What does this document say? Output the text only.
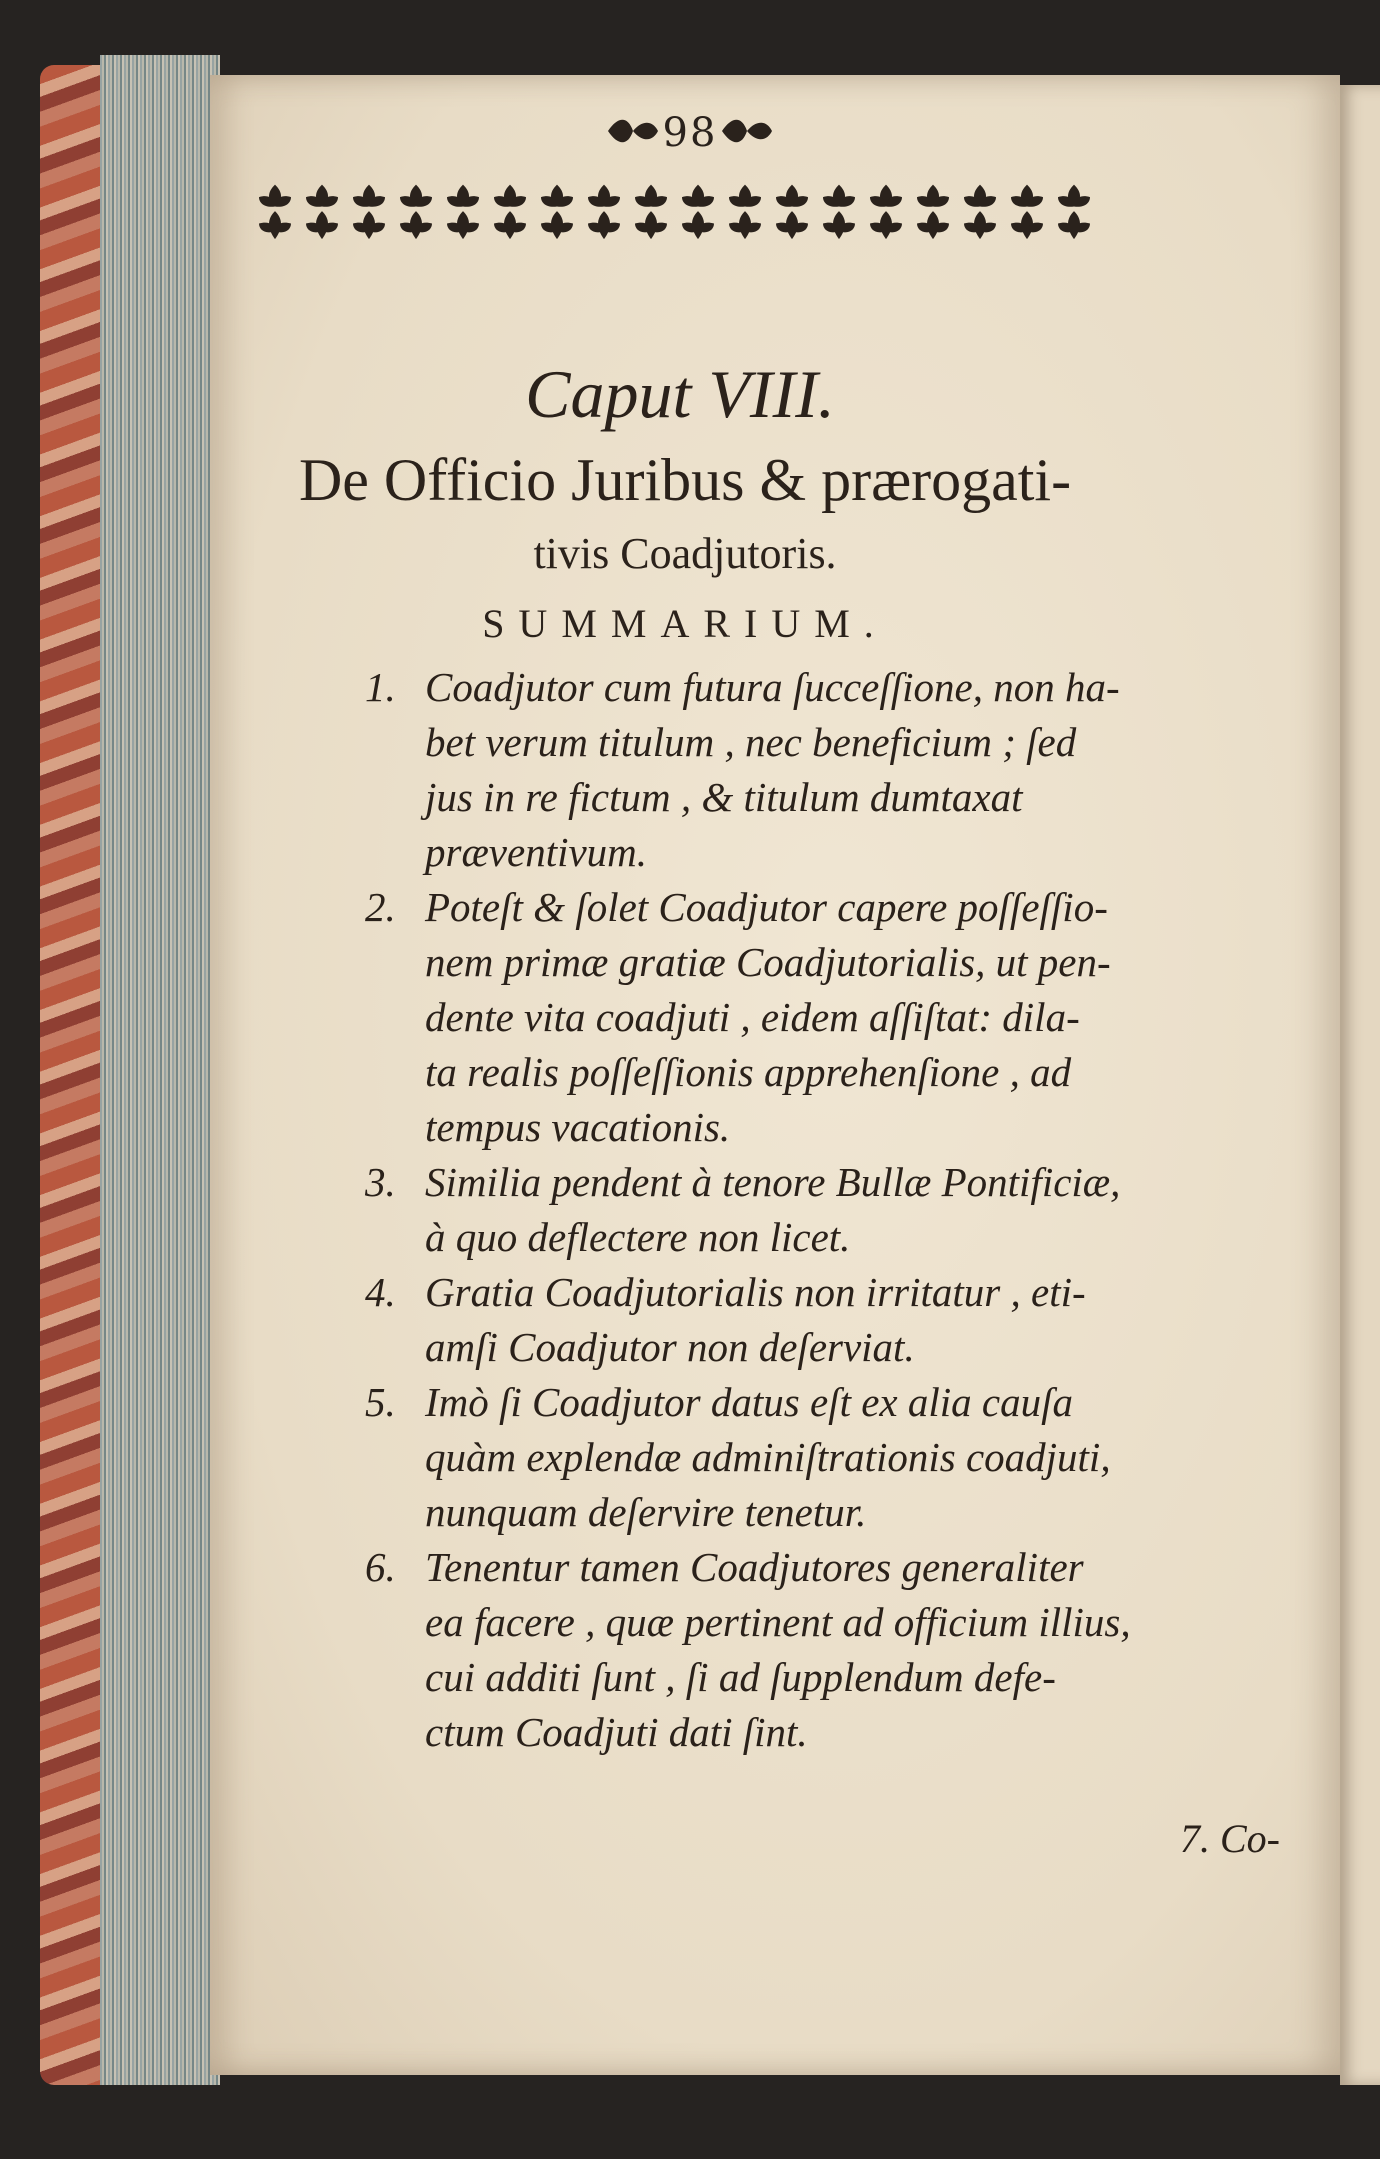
98
Caput VIII.
De Officio Juribus & prærogati-
tivis Coadjutoris.
SUMMARIUM.
1. Coadjutor cum futura ſucceſſione, non ha-
bet verum titulum , nec beneficium ; ſed
jus in re fictum , & titulum dumtaxat
præventivum.
2. Poteſt & ſolet Coadjutor capere poſſeſſio-
nem primæ gratiæ Coadjutorialis, ut pen-
dente vita coadjuti , eidem aſſiſtat: dila-
ta realis poſſeſſionis apprehenſione , ad
tempus vacationis.
3. Similia pendent à tenore Bullæ Pontificiæ,
à quo deflectere non licet.
4. Gratia Coadjutorialis non irritatur , eti-
amſi Coadjutor non deſerviat.
5. Imò ſi Coadjutor datus eſt ex alia cauſa
quàm explendæ adminiſtrationis coadjuti,
nunquam deſervire tenetur.
6. Tenentur tamen Coadjutores generaliter
ea facere , quæ pertinent ad officium illius,
cui additi ſunt , ſi ad ſupplendum defe-
ctum Coadjuti dati ſint.
7. Co-
